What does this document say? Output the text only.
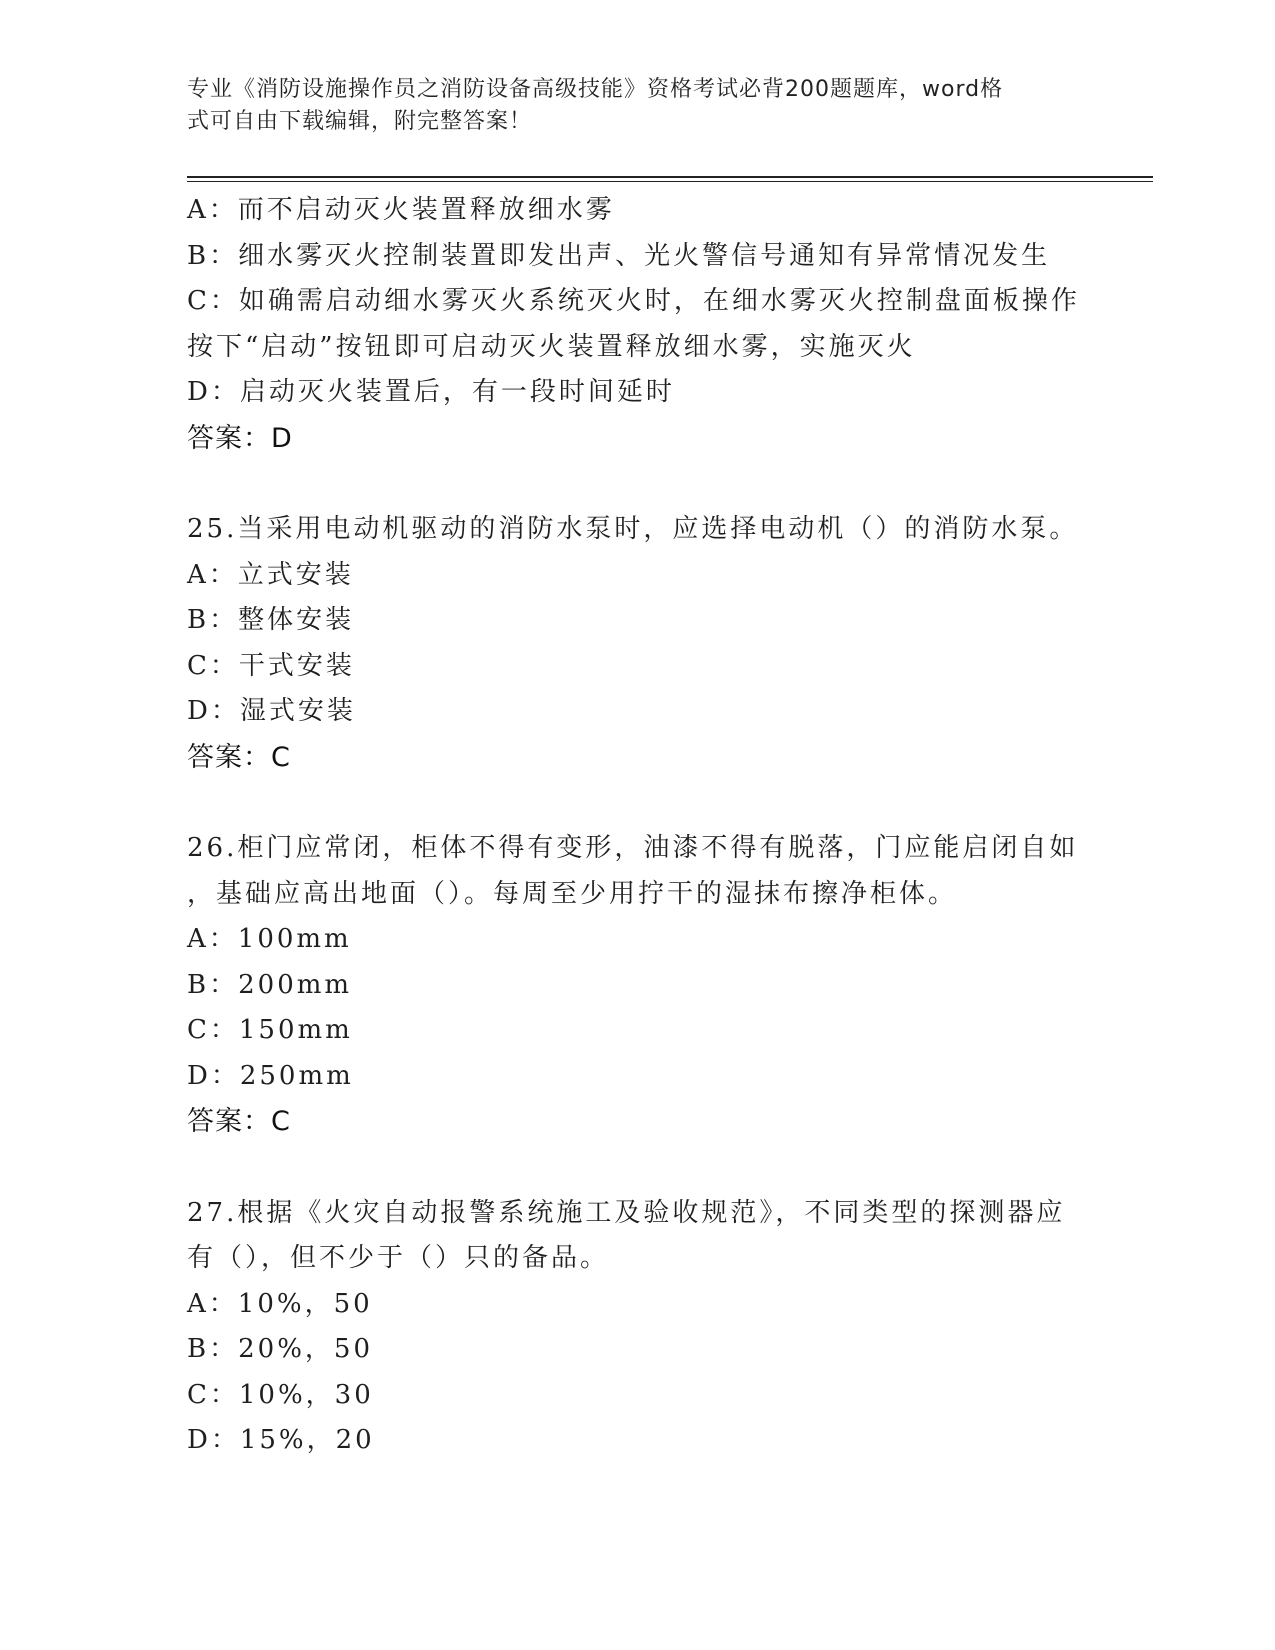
专业《消防设施操作员之消防设备高级技能》资格考试必背200题题库，word格
式可自由下载编辑，附完整答案！
A：而不启动灭火装置释放细水雾
B：细水雾灭火控制装置即发出声、光火警信号通知有异常情况发生
C：如确需启动细水雾灭火系统灭火时，在细水雾灭火控制盘面板操作
按下“启动”按钮即可启动灭火装置释放细水雾，实施灭火
D：启动灭火装置后，有一段时间延时
答案：D
25.当采用电动机驱动的消防水泵时，应选择电动机（）的消防水泵。
A：立式安装
B：整体安装
C：干式安装
D：湿式安装
答案：C
26.柜门应常闭，柜体不得有变形，油漆不得有脱落，门应能启闭自如
，基础应高出地面（）。每周至少用拧干的湿抹布擦净柜体。
A：100mm
B：200mm
C：150mm
D：250mm
答案：C
27.根据《火灾自动报警系统施工及验收规范》，不同类型的探测器应
有（），但不少于（）只的备品。
A：10%，50
B：20%，50
C：10%，30
D：15%，20
